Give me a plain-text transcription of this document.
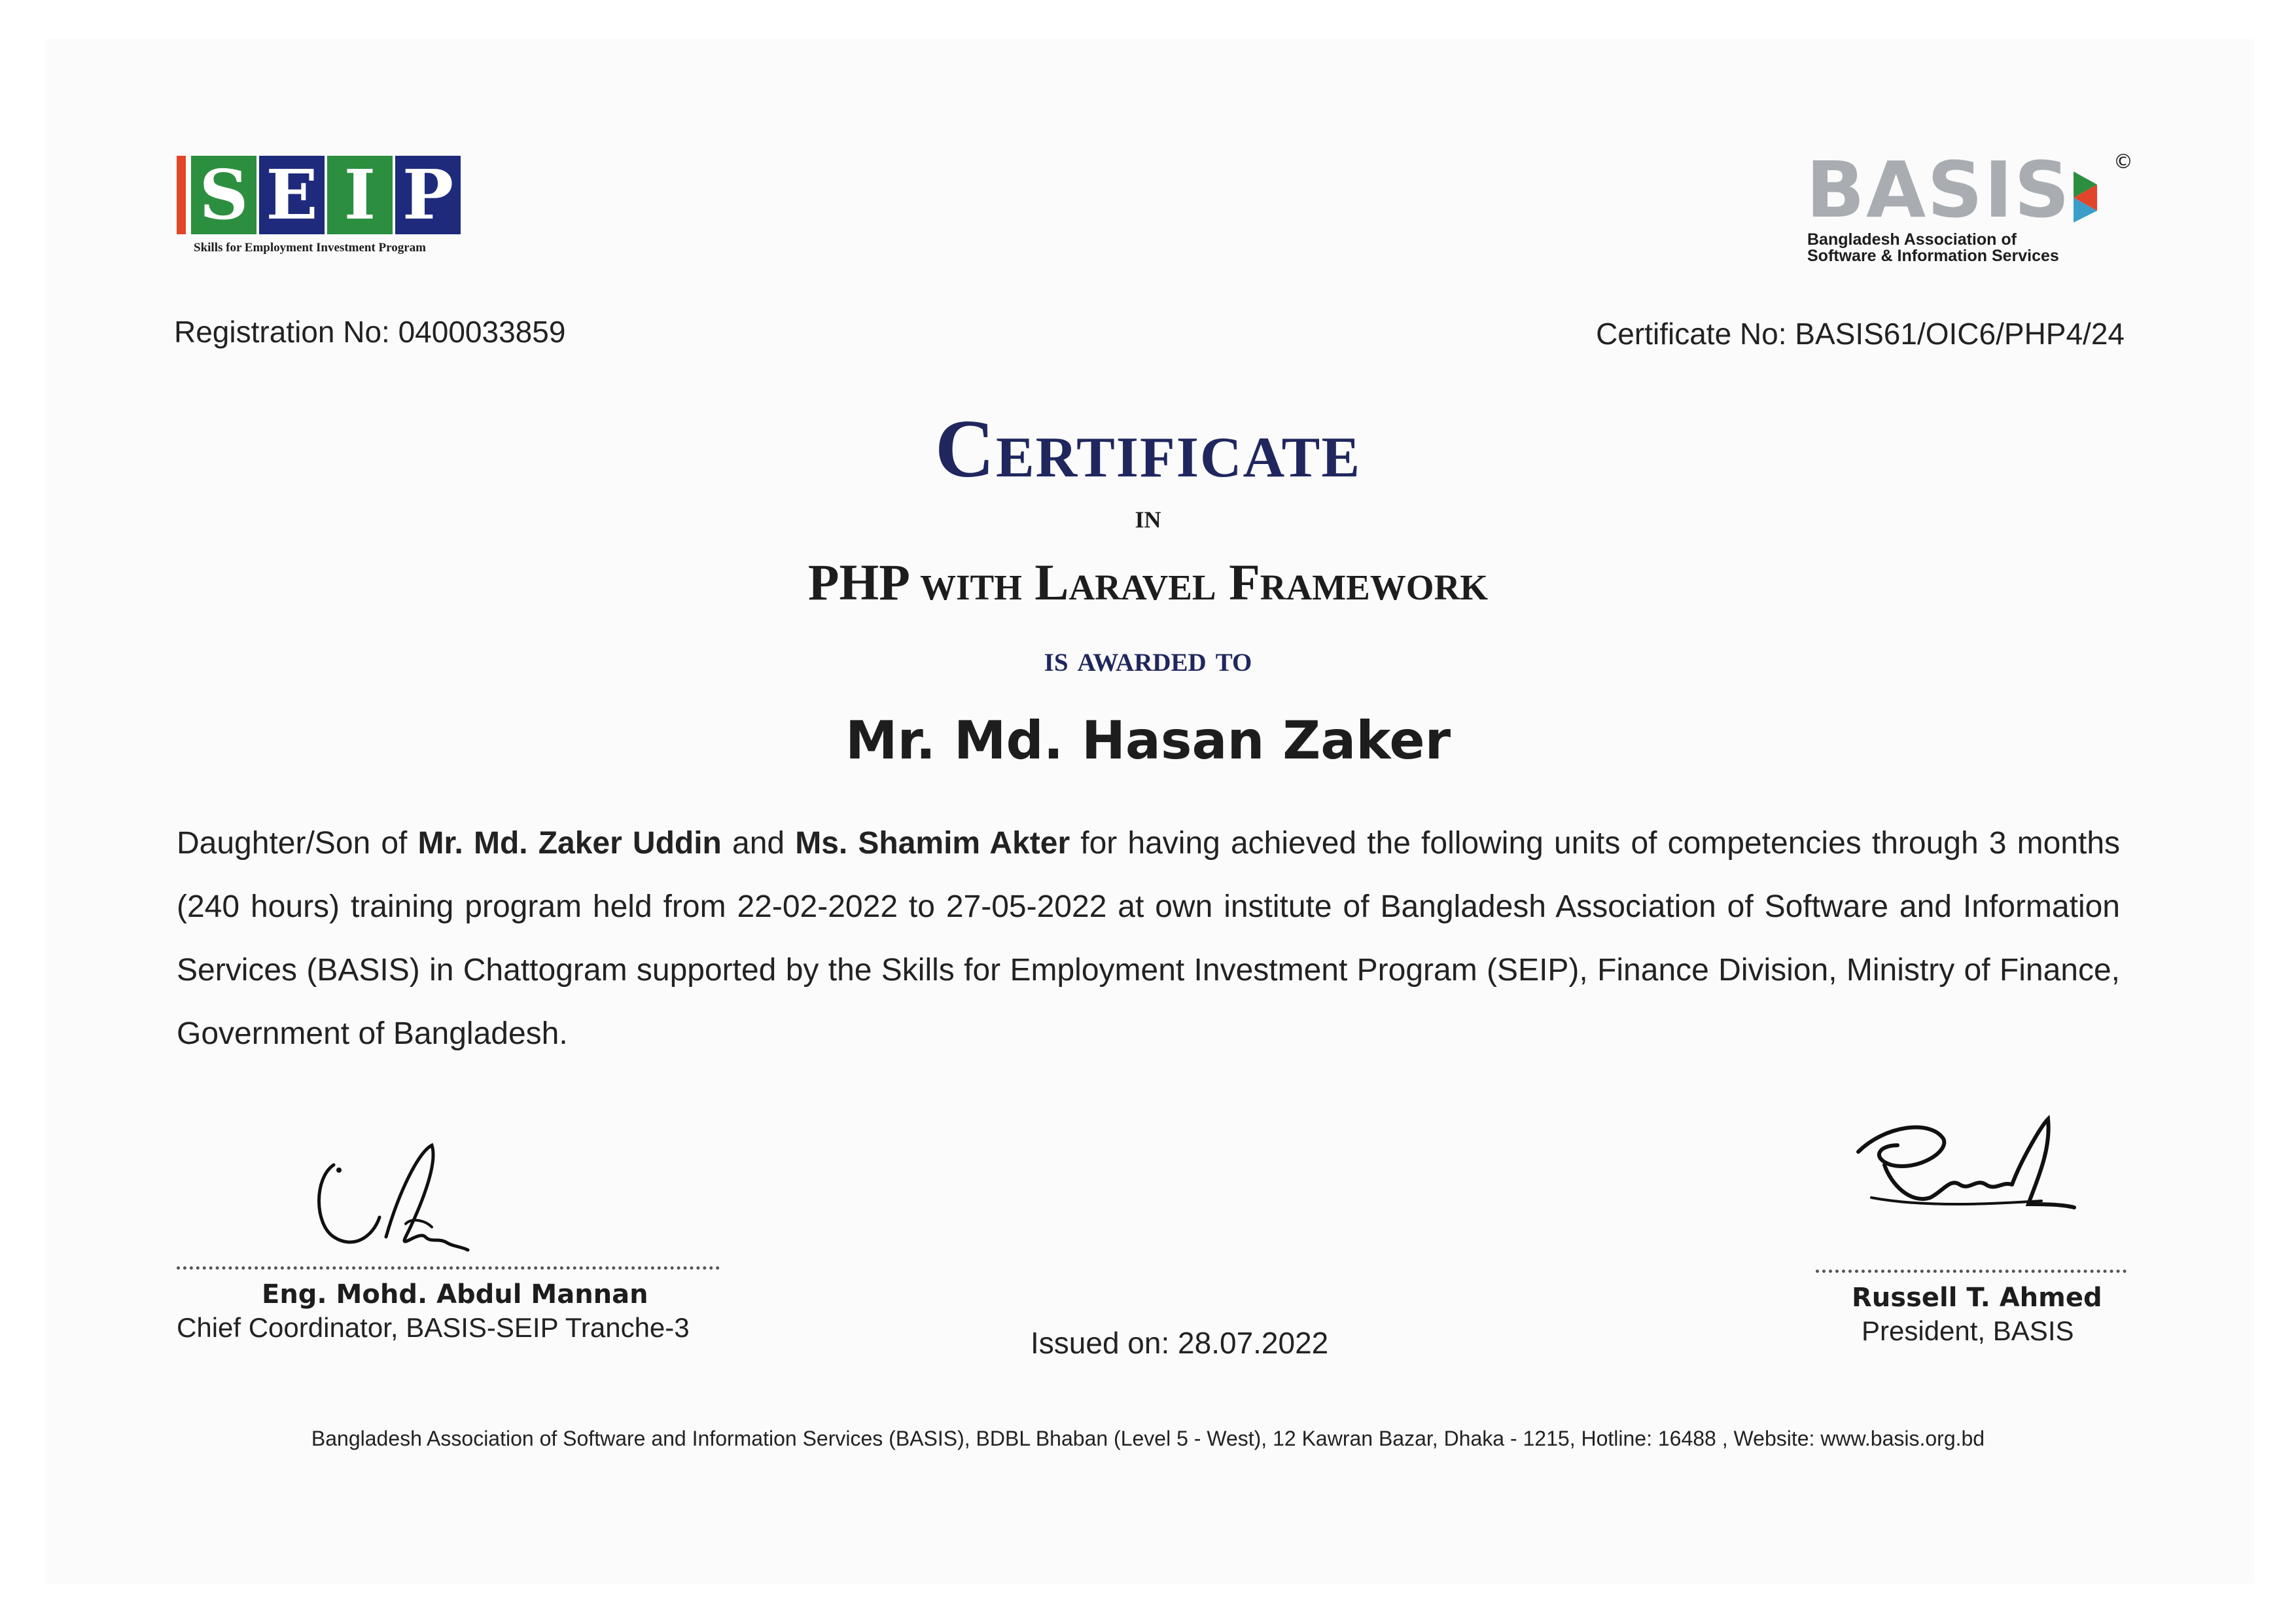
S E I P
Skills for Employment Investment Program
BASIS ©
Bangladesh Association of
Software & Information Services
Registration No: 0400033859	Certificate No: BASIS61/OIC6/PHP4/24
Certificate
in
PHP with Laravel Framework
is awarded to
Mr. Md. Hasan Zaker
Daughter/Son of Mr. Md. Zaker Uddin and Ms. Shamim Akter for having achieved the following units of competencies through 3 months (240 hours) training program held from 22-02-2022 to 27-05-2022 at own institute of Bangladesh Association of Software and Information Services (BASIS) in Chattogram supported by the Skills for Employment Investment Program (SEIP), Finance Division, Ministry of Finance, Government of Bangladesh.
Eng. Mohd. Abdul Mannan
Chief Coordinator, BASIS-SEIP Tranche-3
Russell T. Ahmed
President, BASIS
Issued on: 28.07.2022
Bangladesh Association of Software and Information Services (BASIS), BDBL Bhaban (Level 5 - West), 12 Kawran Bazar, Dhaka - 1215, Hotline: 16488 , Website: www.basis.org.bd
